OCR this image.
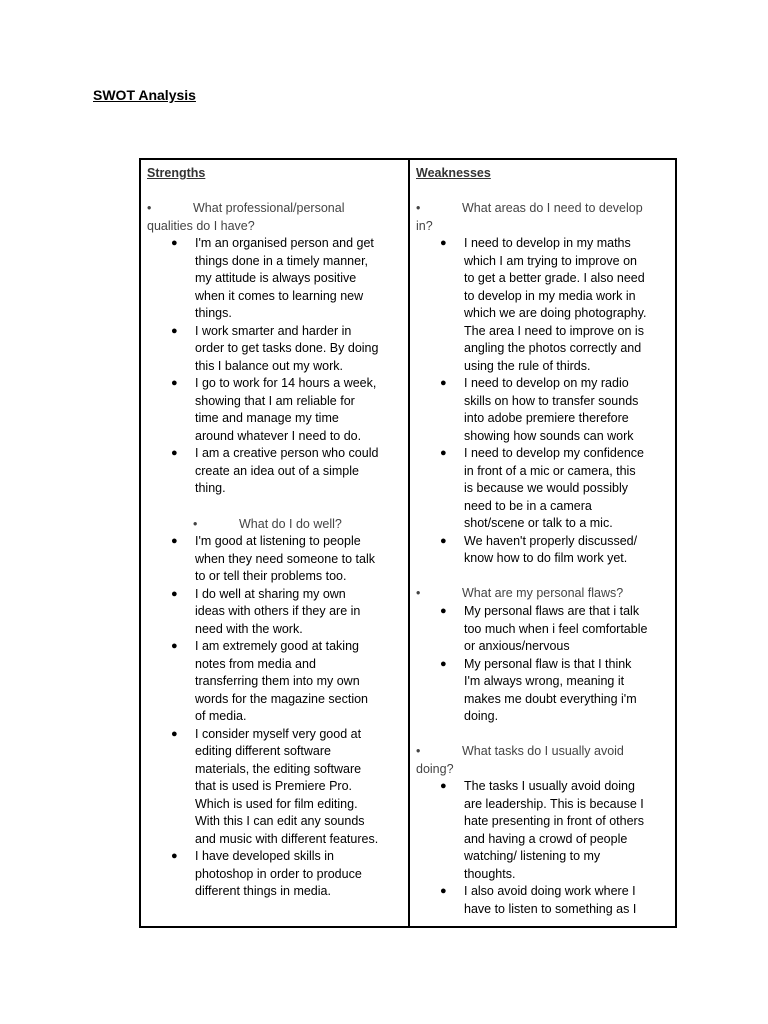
SWOT Analysis
Strengths
•	What professional/personal
qualities do I have?
● I'm an organised person and get
things done in a timely manner,
my attitude is always positive
when it comes to learning new
things.
● I work smarter and harder in
order to get tasks done. By doing
this I balance out my work.
● I go to work for 14 hours a week,
showing that I am reliable for
time and manage my time
around whatever I need to do.
● I am a creative person who could
create an idea out of a simple
thing.
•	What do I do well?
● I'm good at listening to people
when they need someone to talk
to or tell their problems too.
● I do well at sharing my own
ideas with others if they are in
need with the work.
● I am extremely good at taking
notes from media and
transferring them into my own
words for the magazine section
of media.
● I consider myself very good at
editing different software
materials, the editing software
that is used is Premiere Pro.
Which is used for film editing.
With this I can edit any sounds
and music with different features.
● I have developed skills in
photoshop in order to produce
different things in media.
Weaknesses
•	What areas do I need to develop
in?
● I need to develop in my maths
which I am trying to improve on
to get a better grade. I also need
to develop in my media work in
which we are doing photography.
The area I need to improve on is
angling the photos correctly and
using the rule of thirds.
● I need to develop on my radio
skills on how to transfer sounds
into adobe premiere therefore
showing how sounds can work
● I need to develop my confidence
in front of a mic or camera, this
is because we would possibly
need to be in a camera
shot/scene or talk to a mic.
● We haven't properly discussed/
know how to do film work yet.
•	What are my personal flaws?
● My personal flaws are that i talk
too much when i feel comfortable
or anxious/nervous
● My personal flaw is that I think
I'm always wrong, meaning it
makes me doubt everything i'm
doing.
•	What tasks do I usually avoid
doing?
● The tasks I usually avoid doing
are leadership. This is because I
hate presenting in front of others
and having a crowd of people
watching/ listening to my
thoughts.
● I also avoid doing work where I
have to listen to something as I
